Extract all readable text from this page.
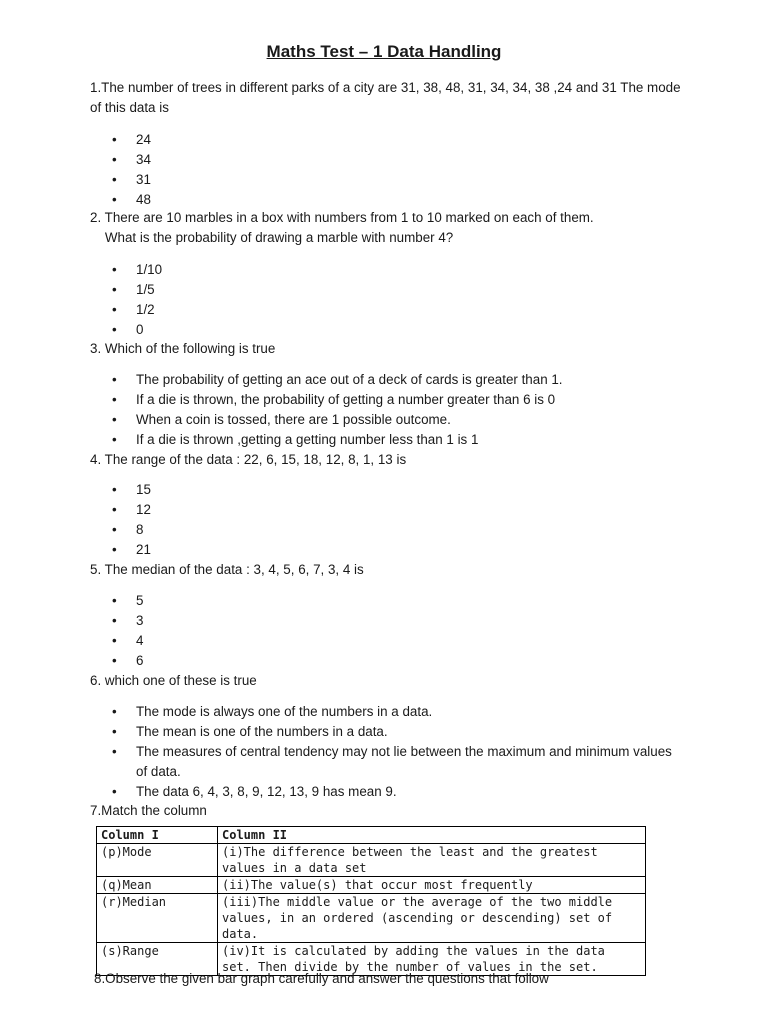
Maths Test – 1 Data Handling
1.The number of trees in different parks of a city are 31, 38, 48, 31, 34, 34, 38 ,24 and 31 The mode of this data is
• 24
• 34
• 31
• 48
2. There are 10 marbles in a box with numbers from 1 to 10 marked on each of them.
What is the probability of drawing a marble with number 4?
• 1/10
• 1/5
• 1/2
• 0
3. Which of the following is true
• The probability of getting an ace out of a deck of cards is greater than 1.
• If a die is thrown, the probability of getting a number greater than 6 is 0
• When a coin is tossed, there are 1 possible outcome.
• If a die is thrown ,getting a getting number less than 1 is 1
4. The range of the data : 22, 6, 15, 18, 12, 8, 1, 13 is
• 15
• 12
• 8
• 21
5. The median of the data : 3, 4, 5, 6, 7, 3, 4 is
• 5
• 3
• 4
• 6
6. which one of these is true
• The mode is always one of the numbers in a data.
• The mean is one of the numbers in a data.
• The measures of central tendency may not lie between the maximum and minimum values of data.
• The data 6, 4, 3, 8, 9, 12, 13, 9 has mean 9.
7.Match the column
Column I	Column II
(p)Mode	(i)The difference between the least and the greatest values in a data set
(q)Mean	(ii)The value(s) that occur most frequently
(r)Median	(iii)The middle value or the average of the two middle values, in an ordered (ascending or descending) set of data.
(s)Range	(iv)It is calculated by adding the values in the data set. Then divide by the number of values in the set.
8.Observe the given bar graph carefully and answer the questions that follow
